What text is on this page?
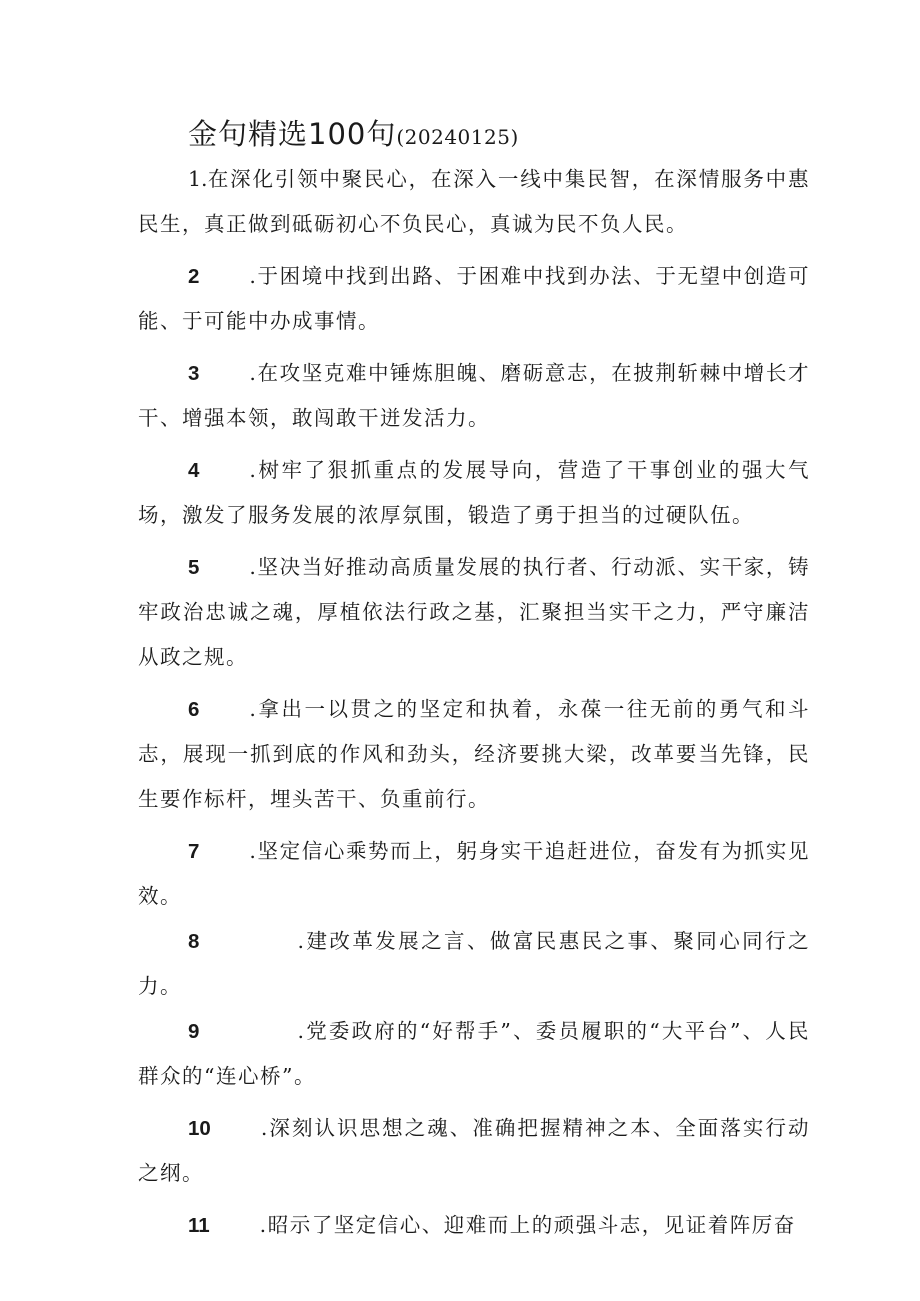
金句精选100句(20240125)

1.在深化引领中聚民心，在深入一线中集民智，在深情服务中惠民生，真正做到砥砺初心不负民心，真诚为民不负人民。

2.于困境中找到出路、于困难中找到办法、于无望中创造可能、于可能中办成事情。

3.在攻坚克难中锤炼胆魄、磨砺意志，在披荆斩棘中增长才干、增强本领，敢闯敢干迸发活力。

4.树牢了狠抓重点的发展导向，营造了干事创业的强大气场，激发了服务发展的浓厚氛围，锻造了勇于担当的过硬队伍。

5.坚决当好推动高质量发展的执行者、行动派、实干家，铸牢政治忠诚之魂，厚植依法行政之基，汇聚担当实干之力，严守廉洁从政之规。

6.拿出一以贯之的坚定和执着，永葆一往无前的勇气和斗志，展现一抓到底的作风和劲头，经济要挑大梁，改革要当先锋，民生要作标杆，埋头苦干、负重前行。

7.坚定信心乘势而上，躬身实干追赶进位，奋发有为抓实见效。

8      .建改革发展之言、做富民惠民之事、聚同心同行之力。

9      .党委政府的“好帮手”、委员履职的“大平台”、人民群众的“连心桥”。

10.深刻认识思想之魂、准确把握精神之本、全面落实行动之纲。

11.昭示了坚定信心、迎难而上的顽强斗志，见证着阵厉奋
